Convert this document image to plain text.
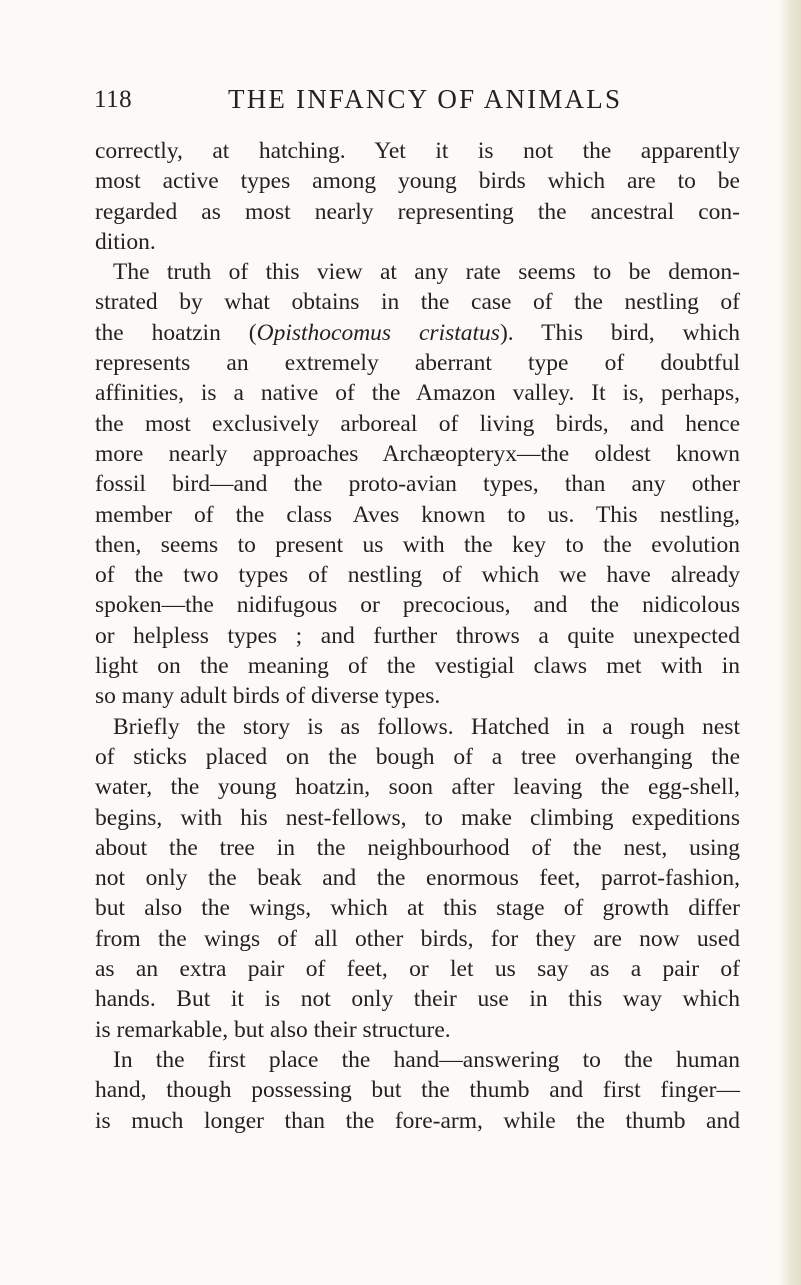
118	THE INFANCY OF ANIMALS
correctly, at hatching. Yet it is not the apparently
most active types among young birds which are to be
regarded as most nearly representing the ancestral con-
dition.
The truth of this view at any rate seems to be demon-
strated by what obtains in the case of the nestling of
the hoatzin (Opisthocomus cristatus). This bird, which
represents an extremely aberrant type of doubtful
affinities, is a native of the Amazon valley. It is, perhaps,
the most exclusively arboreal of living birds, and hence
more nearly approaches Archæopteryx—the oldest known
fossil bird—and the proto-avian types, than any other
member of the class Aves known to us. This nestling,
then, seems to present us with the key to the evolution
of the two types of nestling of which we have already
spoken—the nidifugous or precocious, and the nidicolous
or helpless types ; and further throws a quite unexpected
light on the meaning of the vestigial claws met with in
so many adult birds of diverse types.
Briefly the story is as follows. Hatched in a rough nest
of sticks placed on the bough of a tree overhanging the
water, the young hoatzin, soon after leaving the egg-shell,
begins, with his nest-fellows, to make climbing expeditions
about the tree in the neighbourhood of the nest, using
not only the beak and the enormous feet, parrot-fashion,
but also the wings, which at this stage of growth differ
from the wings of all other birds, for they are now used
as an extra pair of feet, or let us say as a pair of
hands. But it is not only their use in this way which
is remarkable, but also their structure.
In the first place the hand—answering to the human
hand, though possessing but the thumb and first finger—
is much longer than the fore-arm, while the thumb and
